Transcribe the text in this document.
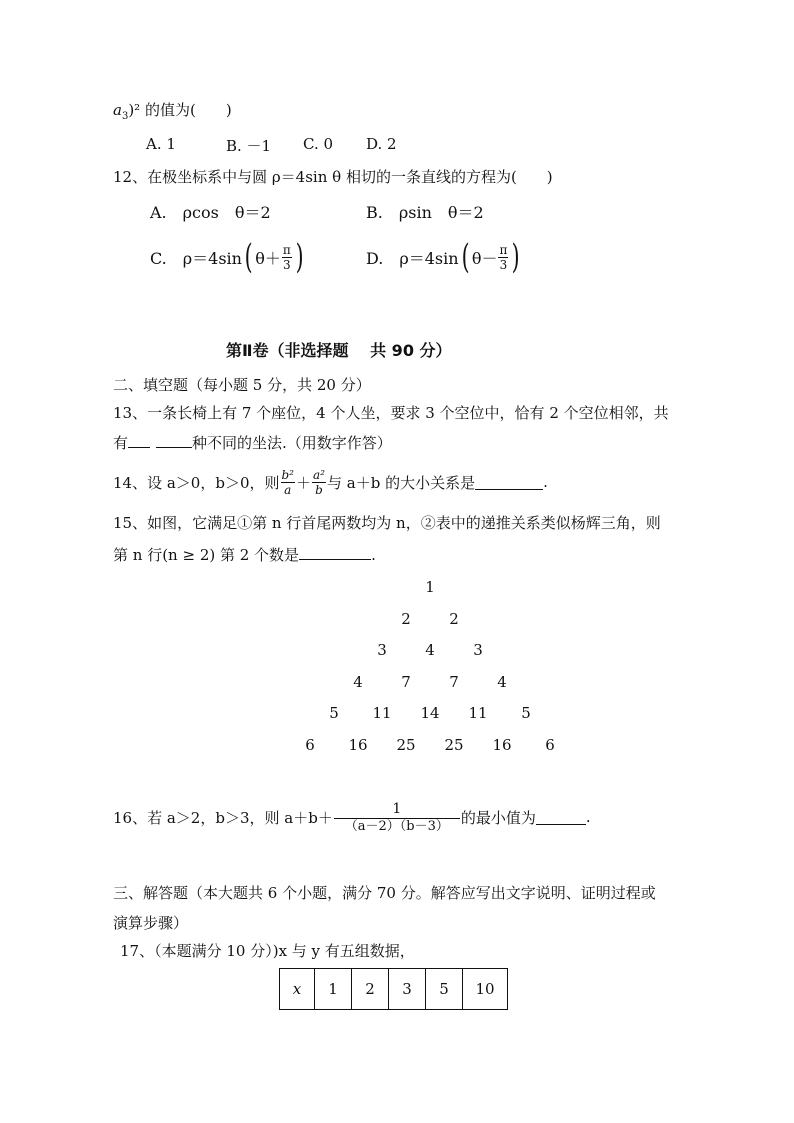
$a_3)^2$ 的值为(　　)
A. 1	B. －1 C. 0 D. 2
12、在极坐标系中与圆 ρ＝4sin θ 相切的一条直线的方程为(　　)
A.　ρcos　θ＝2	B.　ρsin　θ＝2
C.　ρ＝4sin ( $\theta+ \frac{\pi}{3}$ )	D.　ρ＝4sin ( $\theta- \frac{\pi}{3}$ )
第Ⅱ卷（非选择题　 共 90 分）
二、填空题（每小题 5 分，共 20 分）
13、一条长椅上有 7 个座位，4 个人坐，要求 3 个空位中，恰有 2 个空位相邻，共
有	种不同的坐法.（用数字作答）
14、设 a＞0，b＞0，则 $\frac{\text{b²}}{a} + \frac{\text{a²}}{b}$ 与 a＋b 的大小关系是	.
15、如图，它满足①第 n 行首尾两数均为 n，②表中的递推关系类似杨辉三角，则
第 n 行(n ≥ 2) 第 2 个数是	.
1
2	2
3	4	3
4	7	7	4
5	11 14 11	5
6	16 25 25 16	6
16、若 a＞2，b＞3，则 $a+b+ \frac{1}{(a-2)(b-3)}$ 的最小值为	.
三、解答题（本大题共 6 个小题，满分 70 分。解答应写出文字说明、证明过程或
演算步骤）
17、（本题满分 10 分）)x 与 y 有五组数据，
x	1	2	3	5	10
